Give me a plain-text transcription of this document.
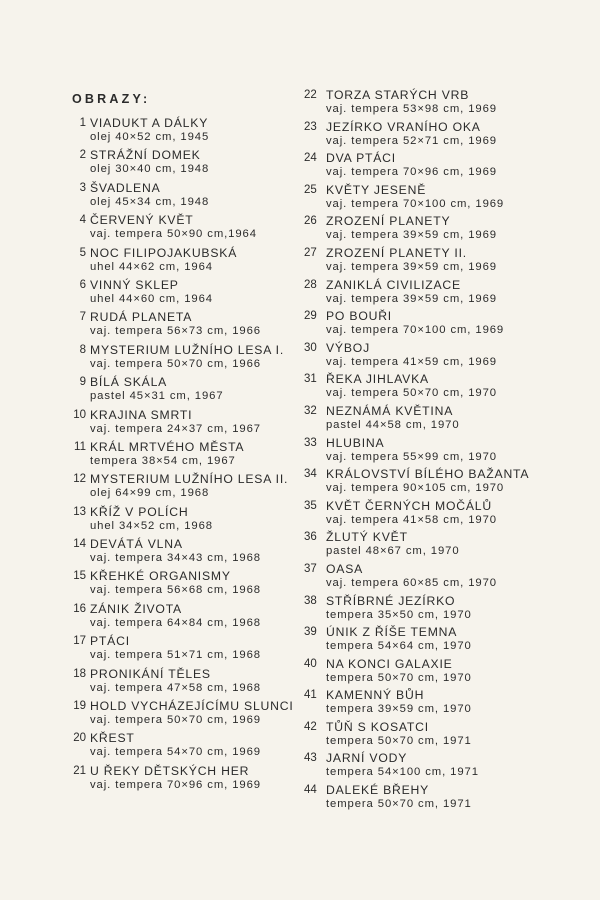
OBRAZY:
1 VIADUKT A DÁLKY
olej 40×52 cm, 1945
2 STRÁŽNÍ DOMEK
olej 30×40 cm, 1948
3 ŠVADLENA
olej 45×34 cm, 1948
4 ČERVENÝ KVĚT
vaj. tempera 50×90 cm,1964
5 NOC FILIPOJAKUBSKÁ
uhel 44×62 cm, 1964
6 VINNÝ SKLEP
uhel 44×60 cm, 1964
7 RUDÁ PLANETA
vaj. tempera 56×73 cm, 1966
8 MYSTERIUM LUŽNÍHO LESA I.
vaj. tempera 50×70 cm, 1966
9 BÍLÁ SKÁLA
pastel 45×31 cm, 1967
10 KRAJINA SMRTI
vaj. tempera 24×37 cm, 1967
11 KRÁL MRTVÉHO MĚSTA
tempera 38×54 cm, 1967
12 MYSTERIUM LUŽNÍHO LESA II.
olej 64×99 cm, 1968
13 KŘÍŽ V POLÍCH
uhel 34×52 cm, 1968
14 DEVÁTÁ VLNA
vaj. tempera 34×43 cm, 1968
15 KŘEHKÉ ORGANISMY
vaj. tempera 56×68 cm, 1968
16 ZÁNIK ŽIVOTA
vaj. tempera 64×84 cm, 1968
17 PTÁCI
vaj. tempera 51×71 cm, 1968
18 PRONIKÁNÍ TĚLES
vaj. tempera 47×58 cm, 1968
19 HOLD VYCHÁZEJÍCÍMU SLUNCI
vaj. tempera 50×70 cm, 1969
20 KŘEST
vaj. tempera 54×70 cm, 1969
21 U ŘEKY DĚTSKÝCH HER
vaj. tempera 70×96 cm, 1969
22 TORZA STARÝCH VRB
vaj. tempera 53×98 cm, 1969
23 JEZÍRKO VRANÍHO OKA
vaj. tempera 52×71 cm, 1969
24 DVA PTÁCI
vaj. tempera 70×96 cm, 1969
25 KVĚTY JESENĚ
vaj. tempera 70×100 cm, 1969
26 ZROZENÍ PLANETY
vaj. tempera 39×59 cm, 1969
27 ZROZENÍ PLANETY II.
vaj. tempera 39×59 cm, 1969
28 ZANIKLÁ CIVILIZACE
vaj. tempera 39×59 cm, 1969
29 PO BOUŘI
vaj. tempera 70×100 cm, 1969
30 VÝBOJ
vaj. tempera 41×59 cm, 1969
31 ŘEKA JIHLAVKA
vaj. tempera 50×70 cm, 1970
32 NEZNÁMÁ KVĚTINA
pastel 44×58 cm, 1970
33 HLUBINA
vaj. tempera 55×99 cm, 1970
34 KRÁLOVSTVÍ BÍLÉHO BAŽANTA
vaj. tempera 90×105 cm, 1970
35 KVĚT ČERNÝCH MOČÁLŮ
vaj. tempera 41×58 cm, 1970
36 ŽLUTÝ KVĚT
pastel 48×67 cm, 1970
37 OASA
vaj. tempera 60×85 cm, 1970
38 STŘÍBRNÉ JEZÍRKO
tempera 35×50 cm, 1970
39 ÚNIK Z ŘÍŠE TEMNA
tempera 54×64 cm, 1970
40 NA KONCI GALAXIE
tempera 50×70 cm, 1970
41 KAMENNÝ BŮH
tempera 39×59 cm, 1970
42 TŮŇ S KOSATCI
tempera 50×70 cm, 1971
43 JARNÍ VODY
tempera 54×100 cm, 1971
44 DALEKÉ BŘEHY
tempera 50×70 cm, 1971
